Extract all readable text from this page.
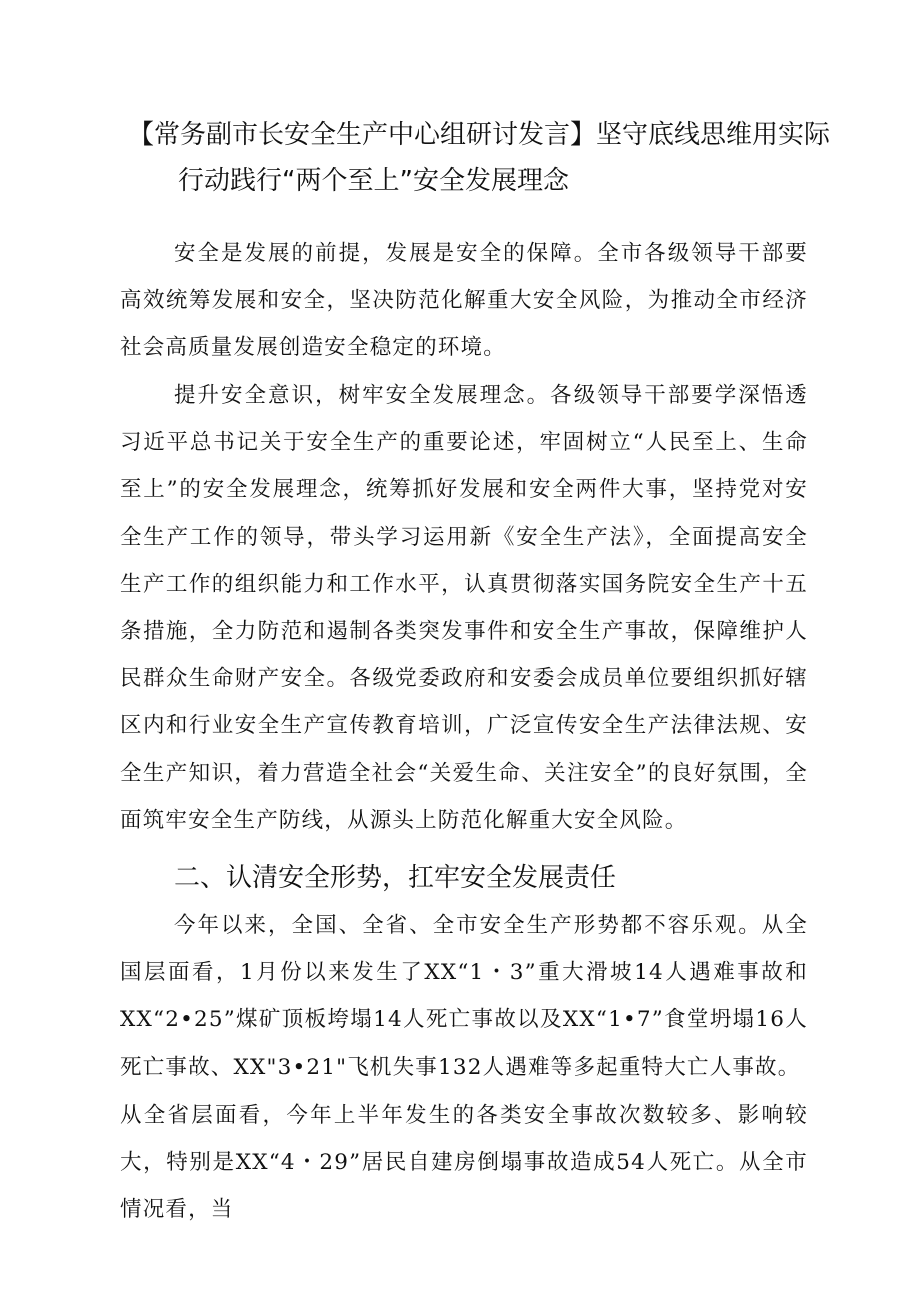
【常务副市长安全生产中心组研讨发言】坚守底线思维用实际
行动践行“两个至上”安全发展理念
安全是发展的前提，发展是安全的保障。全市各级领导干部要高效统筹发展和安全，坚决防范化解重大安全风险，为推动全市经济社会高质量发展创造安全稳定的环境。
提升安全意识，树牢安全发展理念。各级领导干部要学深悟透习近平总书记关于安全生产的重要论述，牢固树立“人民至上、生命至上”的安全发展理念，统筹抓好发展和安全两件大事，坚持党对安全生产工作的领导，带头学习运用新《安全生产法》，全面提高安全生产工作的组织能力和工作水平，认真贯彻落实国务院安全生产十五条措施，全力防范和遏制各类突发事件和安全生产事故，保障维护人民群众生命财产安全。各级党委政府和安委会成员单位要组织抓好辖区内和行业安全生产宣传教育培训，广泛宣传安全生产法律法规、安全生产知识，着力营造全社会“关爱生命、关注安全”的良好氛围，全面筑牢安全生产防线，从源头上防范化解重大安全风险。
二、认清安全形势，扛牢安全发展责任
今年以来，全国、全省、全市安全生产形势都不容乐观。从全国层面看，1月份以来发生了XX“1・3”重大滑坡14人遇难事故和XX“2•25”煤矿顶板垮塌14人死亡事故以及XX“1•7”食堂坍塌16人死亡事故、XX"3•21"飞机失事132人遇难等多起重特大亡人事故。
从全省层面看，今年上半年发生的各类安全事故次数较多、影响较大，特别是XX“4・29”居民自建房倒塌事故造成54人死亡。从全市情况看，当
